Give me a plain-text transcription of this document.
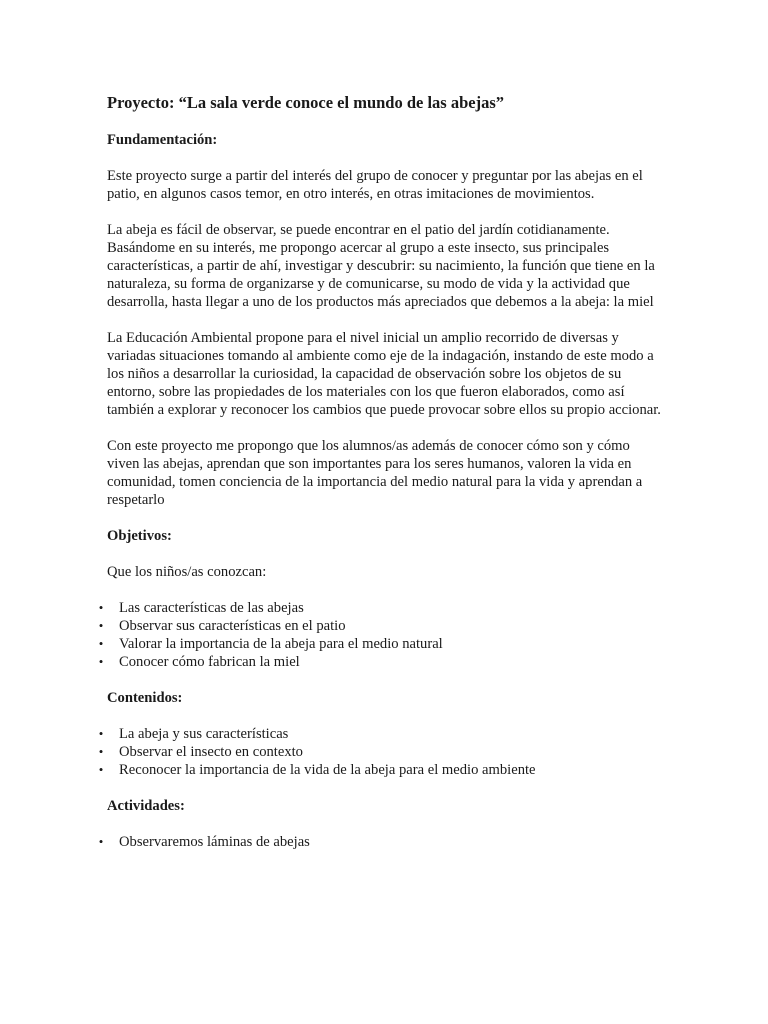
Proyecto: “La sala verde conoce el mundo de las abejas”
Fundamentación:

Este proyecto surge a partir del interés del grupo de conocer y preguntar por las abejas en el patio, en algunos casos temor, en otro interés, en otras imitaciones de movimientos.

La abeja es fácil de observar, se puede encontrar en el patio del jardín cotidianamente. Basándome en su interés, me propongo acercar al grupo a este insecto, sus principales características, a partir de ahí, investigar y descubrir: su nacimiento, la función que tiene en la naturaleza, su forma de organizarse y de comunicarse, su modo de vida y la actividad que desarrolla, hasta llegar a uno de los productos más apreciados que debemos a la abeja: la miel

La Educación Ambiental propone para el nivel inicial un amplio recorrido de diversas y variadas situaciones tomando al ambiente como eje de la indagación, instando de este modo a los niños a desarrollar la curiosidad, la capacidad de observación sobre los objetos de su entorno, sobre las propiedades de los materiales con los que fueron elaborados, como así también a explorar y reconocer los cambios que puede provocar sobre ellos su propio accionar.

Con este proyecto me propongo que los alumnos/as además de conocer cómo son y cómo viven las abejas, aprendan que son importantes para los seres humanos, valoren la vida en comunidad, tomen conciencia de la importancia del medio natural para la vida y aprendan a respetarlo

Objetivos:

Que los niños/as conozcan:

• Las características de las abejas
• Observar sus características en el patio
• Valorar la importancia de la abeja para el medio natural
• Conocer cómo fabrican la miel
Contenidos:
• La abeja y sus características
• Observar el insecto en contexto
• Reconocer la importancia de la vida de la abeja para el medio ambiente
Actividades:
• Observaremos láminas de abejas
